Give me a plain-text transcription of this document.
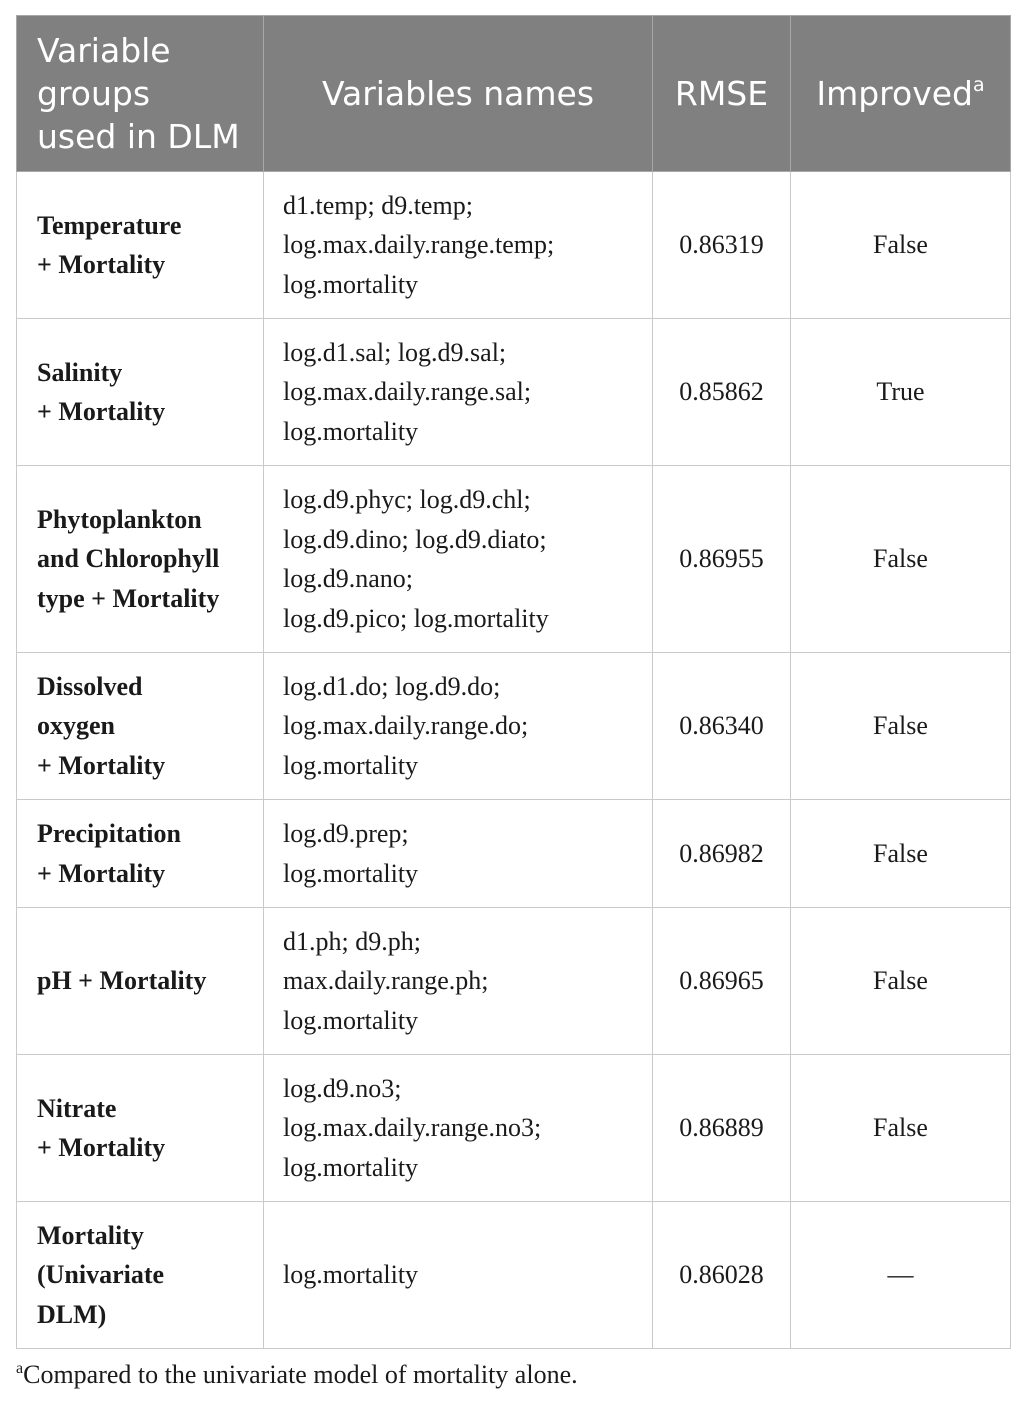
Variable
groups
used in DLM	Variables names	RMSE	Improved$^a$

Temperature
+ Mortality	d1.temp; d9.temp;
log.max.daily.range.temp;
log.mortality	0.86319	False

Salinity
+ Mortality	log.d1.sal; log.d9.sal;
log.max.daily.range.sal;
log.mortality	0.85862	True

Phytoplankton
and Chlorophyll
type + Mortality	log.d9.phyc; log.d9.chl;
log.d9.dino; log.d9.diato;
log.d9.nano;
log.d9.pico; log.mortality	0.86955	False

Dissolved
oxygen
+ Mortality	log.d1.do; log.d9.do;
log.max.daily.range.do;
log.mortality	0.86340	False

Precipitation
+ Mortality	log.d9.prep;
log.mortality	0.86982	False

pH + Mortality	d1.ph; d9.ph;
max.daily.range.ph;
log.mortality	0.86965	False

Nitrate
+ Mortality	log.d9.no3;
log.max.daily.range.no3;
log.mortality	0.86889	False

Mortality
(Univariate
DLM)	log.mortality	0.86028	—
$^a$Compared to the univariate model of mortality alone.
